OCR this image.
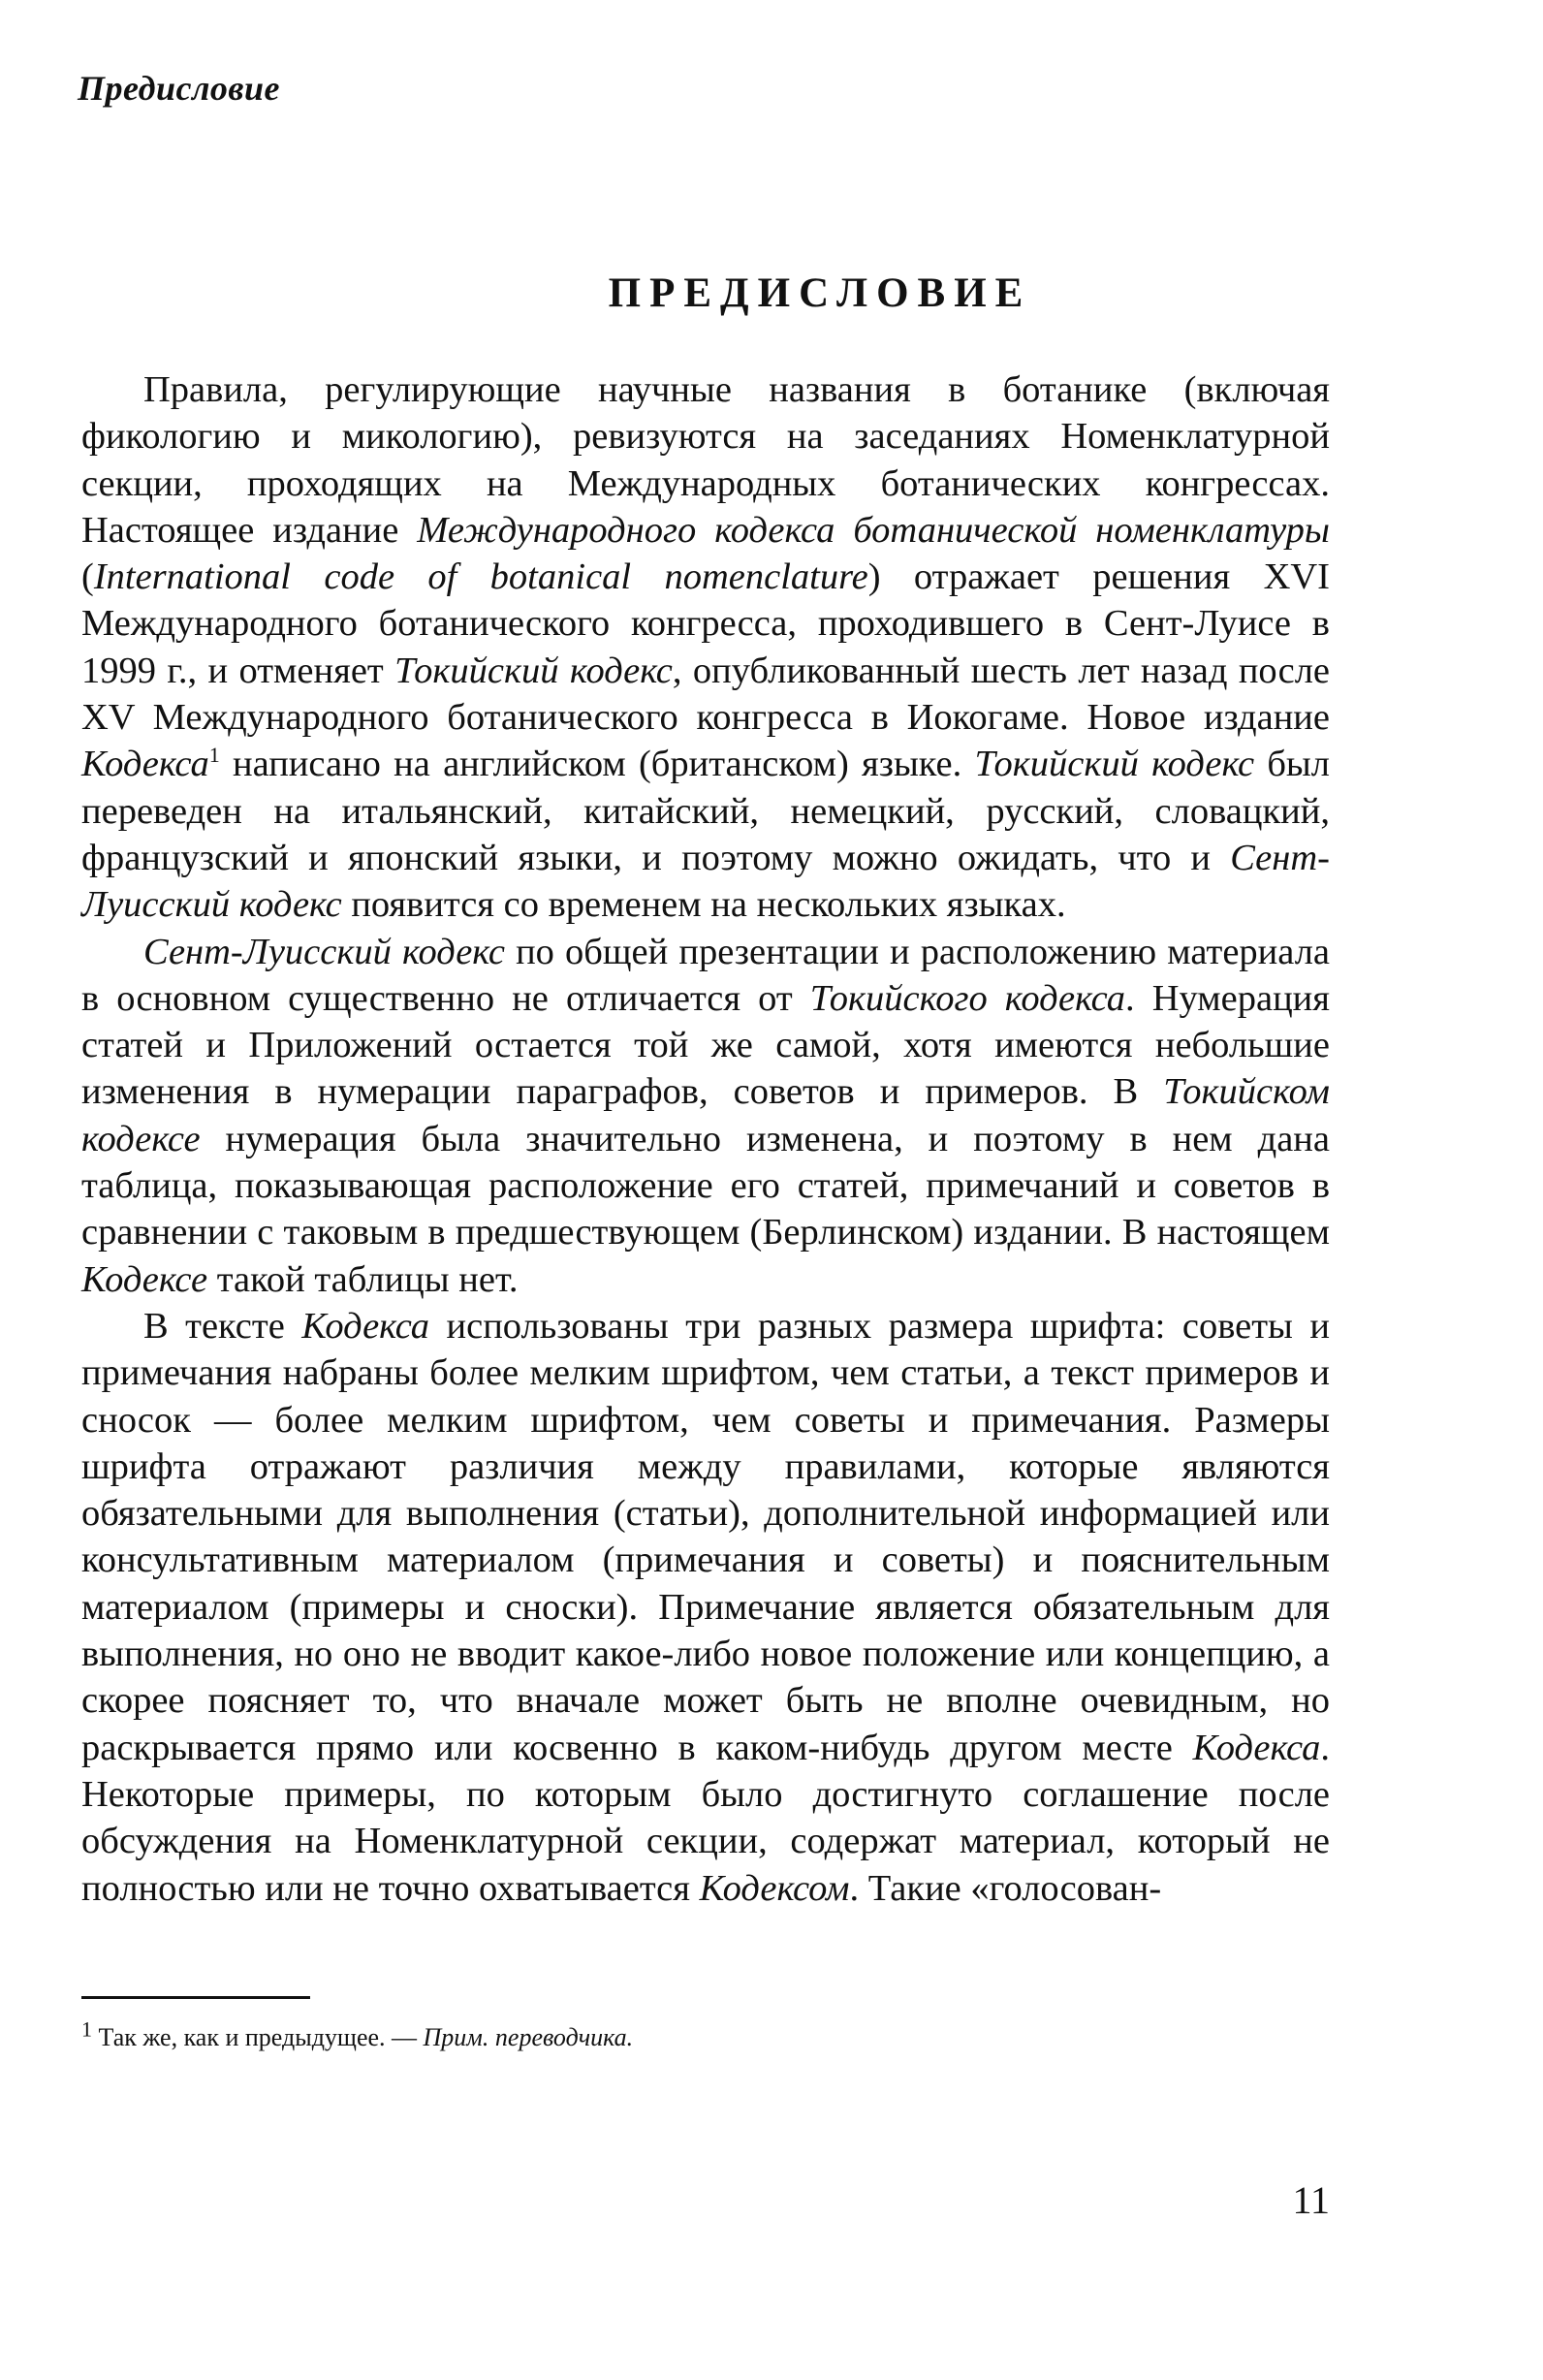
Предисловие
ПРЕДИСЛОВИЕ

Правила, регулирующие научные названия в ботанике (включая фикологию и микологию), ревизуются на заседаниях Номенклатурной секции, проходящих на Международных ботанических конгрессах. Настоящее издание Международного кодекса ботанической номенклатуры (International code of botanical nomenclature) отражает решения XVI Международного ботанического конгресса, проходившего в Сент-Луисе в 1999 г., и отменяет Токийский кодекс, опубликованный шесть лет назад после XV Международного ботанического конгресса в Иокогаме. Новое издание Кодекса$^1$ написано на английском (британском) языке. Токийский кодекс был переведен на итальянский, китайский, немецкий, русский, словацкий, французский и японский языки, и поэтому можно ожидать, что и Сент-Луисский кодекс появится со временем на нескольких языках.

Сент-Луисский кодекс по общей презентации и расположению материала в основном существенно не отличается от Токийского кодекса. Нумерация статей и Приложений остается той же самой, хотя имеются небольшие изменения в нумерации параграфов, советов и примеров. В Токийском кодексе нумерация была значительно изменена, и поэтому в нем дана таблица, показывающая расположение его статей, примечаний и советов в сравнении с таковым в предшествующем (Берлинском) издании. В настоящем Кодексе такой таблицы нет.

В тексте Кодекса использованы три разных размера шрифта: советы и примечания набраны более мелким шрифтом, чем статьи, а текст примеров и сносок — более мелким шрифтом, чем советы и примечания. Размеры шрифта отражают различия между правилами, которые являются обязательными для выполнения (статьи), дополнительной информацией или консультативным материалом (примечания и советы) и пояснительным материалом (примеры и сноски). Примечание является обязательным для выполнения, но оно не вводит какое-либо новое положение или концепцию, а скорее поясняет то, что вначале может быть не вполне очевидным, но раскрывается прямо или косвенно в каком-нибудь другом месте Кодекса. Некоторые примеры, по которым было достигнуто соглашение после обсуждения на Номенклатурной секции, содержат материал, который не полностью или не точно охватывается Кодексом. Такие «голосован-

$^1$ Так же, как и предыдущее. — Прим. переводчика.
11
